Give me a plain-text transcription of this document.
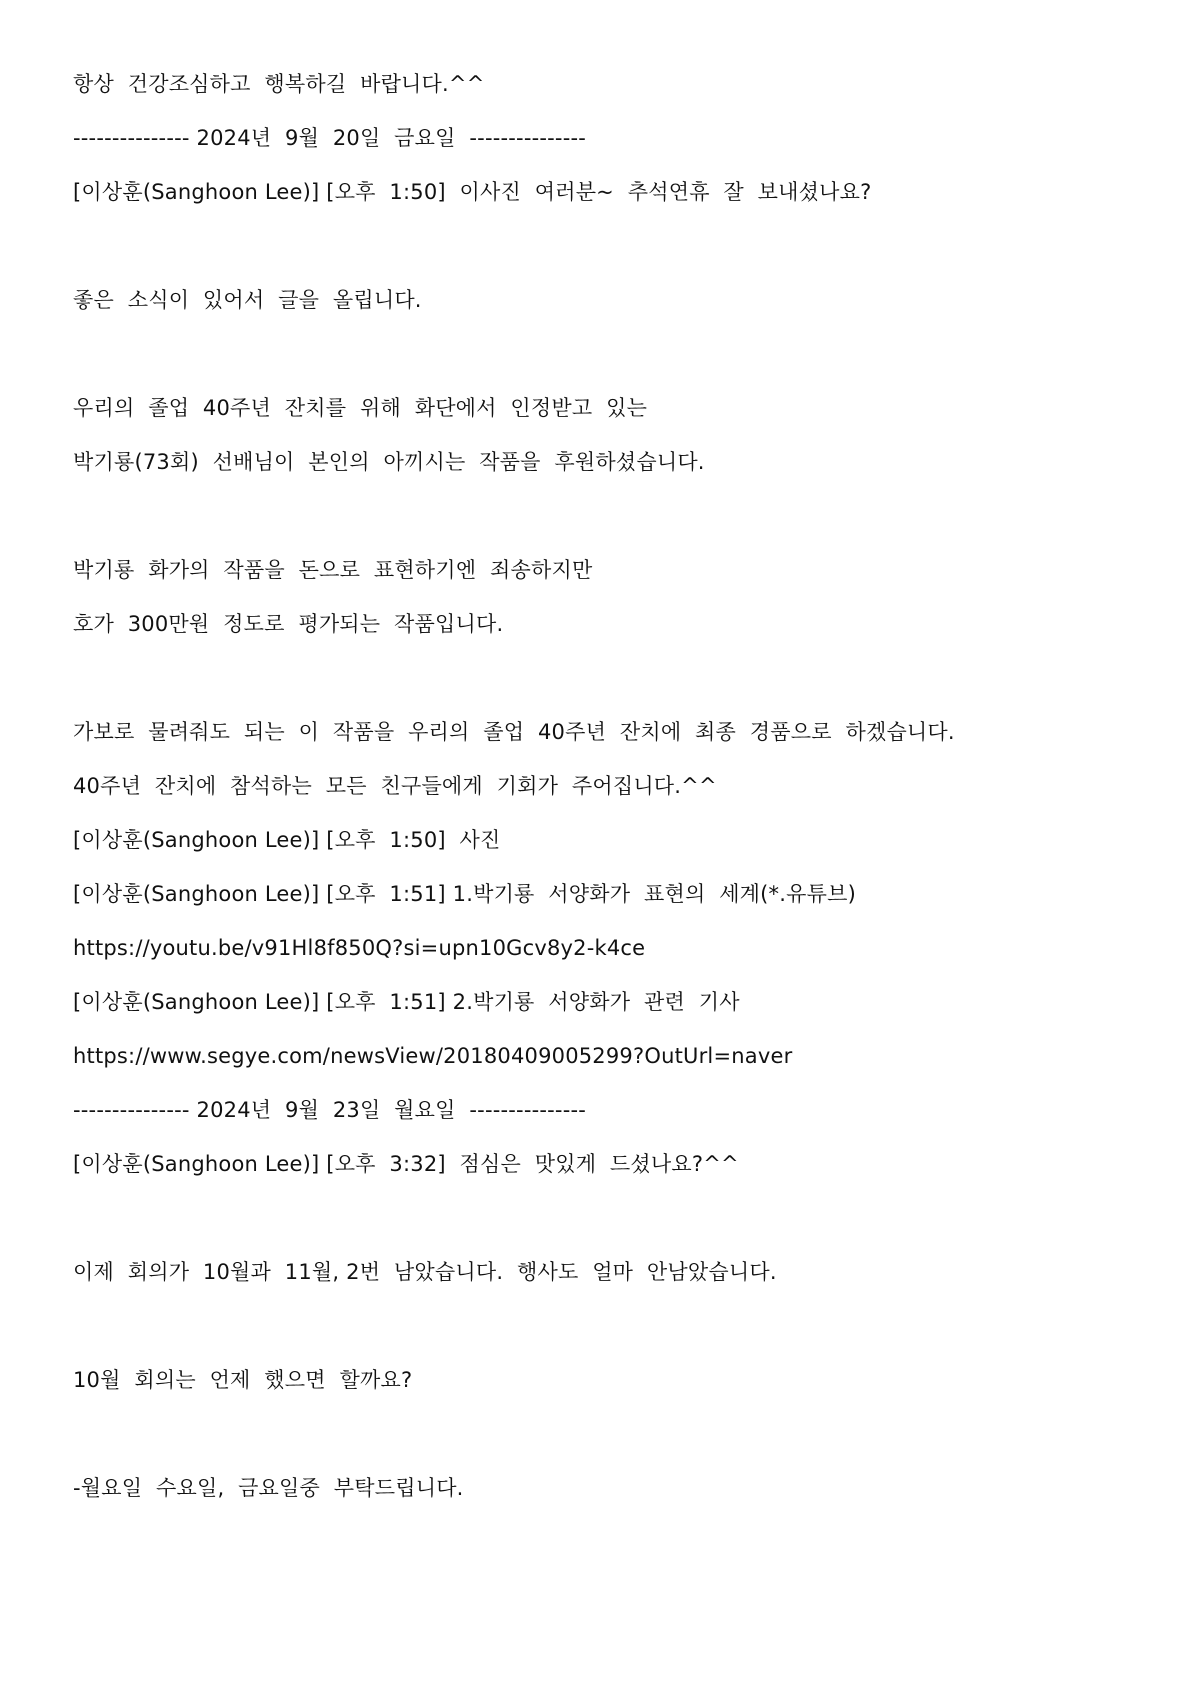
항상  건강조심하고  행복하길  바랍니다.^^

--------------- 2024년  9월  20일  금요일  ---------------

[이상훈(Sanghoon Lee)] [오후  1:50]  이사진  여러분~  추석연휴  잘  보내셨나요?

좋은  소식이  있어서  글을  올립니다.

우리의  졸업  40주년  잔치를  위해  화단에서  인정받고  있는

박기룡(73회)  선배님이  본인의  아끼시는  작품을  후원하셨습니다.

박기룡  화가의  작품을  돈으로  표현하기엔  죄송하지만

호가  300만원  정도로  평가되는  작품입니다.

가보로  물려줘도  되는  이  작품을  우리의  졸업  40주년  잔치에  최종  경품으로  하겠습니다.

40주년  잔치에  참석하는  모든  친구들에게  기회가  주어집니다.^^

[이상훈(Sanghoon Lee)] [오후  1:50]  사진

[이상훈(Sanghoon Lee)] [오후  1:51] 1.박기룡  서양화가  표현의  세계(*.유튜브)

https://youtu.be/v91Hl8f850Q?si=upn10Gcv8y2-k4ce

[이상훈(Sanghoon Lee)] [오후  1:51] 2.박기룡  서양화가  관련  기사

https://www.segye.com/newsView/20180409005299?OutUrl=naver

--------------- 2024년  9월  23일  월요일  ---------------

[이상훈(Sanghoon Lee)] [오후  3:32]  점심은  맛있게  드셨나요?^^

이제  회의가  10월과  11월, 2번  남았습니다.  행사도  얼마  안남았습니다.

10월  회의는  언제  했으면  할까요?

-월요일  수요일,  금요일중  부탁드립니다.
